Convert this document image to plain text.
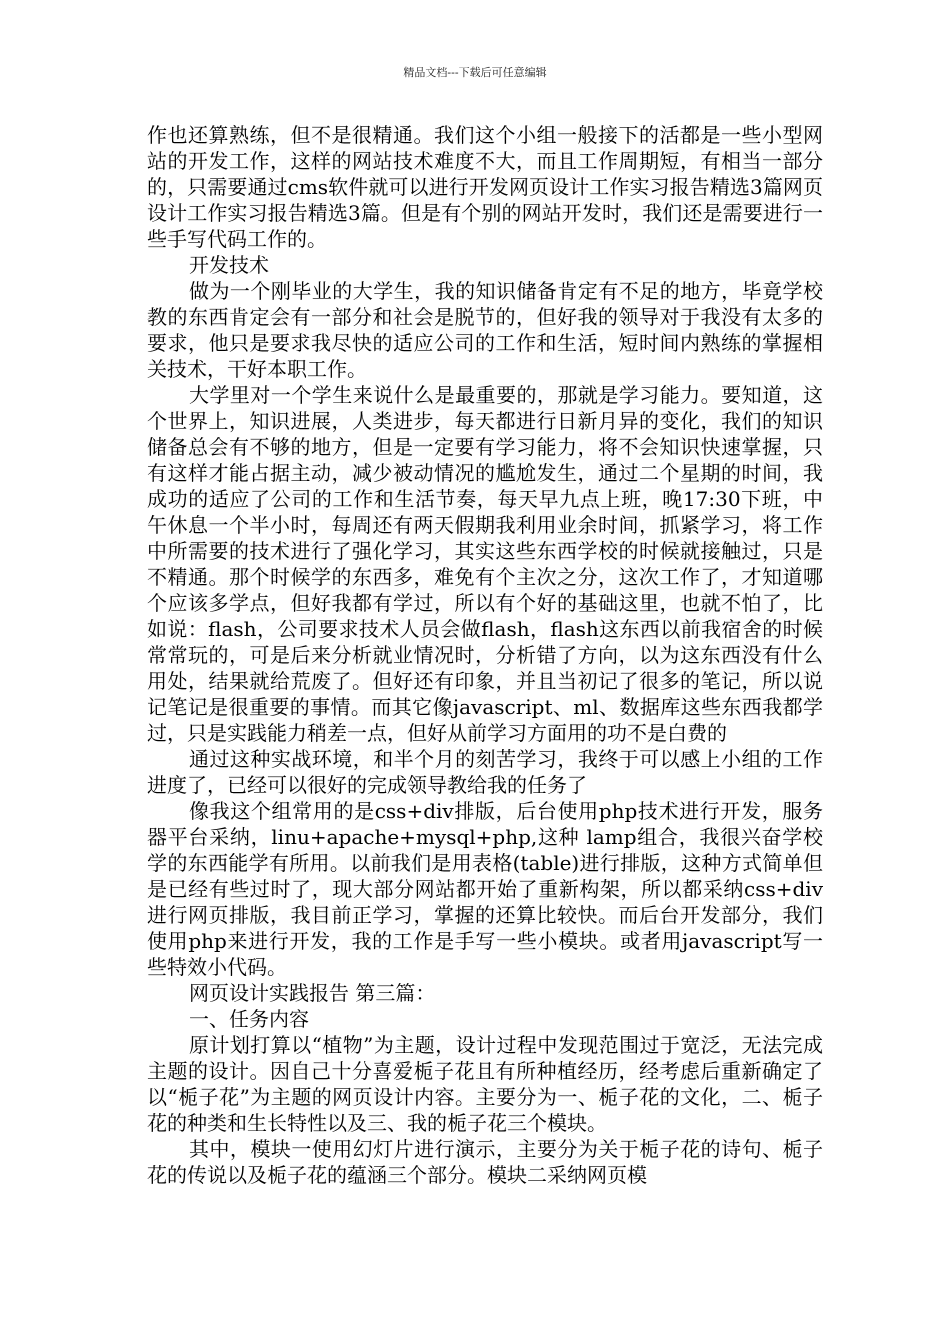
精品文档---下载后可任意编辑

作也还算熟练，但不是很精通。我们这个小组一般接下的活都是一些小型网站的开发工作，这样的网站技术难度不大，而且工作周期短，有相当一部分的，只需要通过cms软件就可以进行开发网页设计工作实习报告精选3篇网页设计工作实习报告精选3篇。但是有个别的网站开发时，我们还是需要进行一些手写代码工作的。

开发技术

做为一个刚毕业的大学生，我的知识储备肯定有不足的地方，毕竟学校教的东西肯定会有一部分和社会是脱节的，但好我的领导对于我没有太多的要求，他只是要求我尽快的适应公司的工作和生活，短时间内熟练的掌握相关技术，干好本职工作。

大学里对一个学生来说什么是最重要的，那就是学习能力。要知道，这个世界上，知识进展，人类进步，每天都进行日新月异的变化，我们的知识储备总会有不够的地方，但是一定要有学习能力，将不会知识快速掌握，只有这样才能占据主动，减少被动情况的尴尬发生，通过二个星期的时间，我成功的适应了公司的工作和生活节奏，每天早九点上班，晚17:30下班，中午休息一个半小时，每周还有两天假期我利用业余时间，抓紧学习，将工作中所需要的技术进行了强化学习，其实这些东西学校的时候就接触过，只是不精通。那个时候学的东西多，难免有个主次之分，这次工作了，才知道哪个应该多学点，但好我都有学过，所以有个好的基础这里，也就不怕了，比如说：flash，公司要求技术人员会做flash，flash这东西以前我宿舍的时候常常玩的，可是后来分析就业情况时，分析错了方向，以为这东西没有什么用处，结果就给荒废了。但好还有印象，并且当初记了很多的笔记，所以说记笔记是很重要的事情。而其它像javascript、ml、数据库这些东西我都学过，只是实践能力稍差一点，但好从前学习方面用的功不是白费的

通过这种实战环境，和半个月的刻苦学习，我终于可以感上小组的工作进度了，已经可以很好的完成领导教给我的任务了

像我这个组常用的是css+div排版，后台使用php技术进行开发，服务器平台采纳，linu+apache+mysql+php,这种 lamp组合，我很兴奋学校学的东西能学有所用。以前我们是用表格(table)进行排版，这种方式简单但是已经有些过时了，现大部分网站都开始了重新构架，所以都采纳css+div进行网页排版，我目前正学习，掌握的还算比较快。而后台开发部分，我们使用php来进行开发，我的工作是手写一些小模块。或者用javascript写一些特效小代码。

网页设计实践报告 第三篇：

一、任务内容

原计划打算以“植物”为主题，设计过程中发现范围过于宽泛，无法完成主题的设计。因自己十分喜爱栀子花且有所种植经历，经考虑后重新确定了以“栀子花”为主题的网页设计内容。主要分为一、栀子花的文化，二、栀子花的种类和生长特性以及三、我的栀子花三个模块。

其中，模块一使用幻灯片进行演示，主要分为关于栀子花的诗句、栀子花的传说以及栀子花的蕴涵三个部分。模块二采纳网页模
